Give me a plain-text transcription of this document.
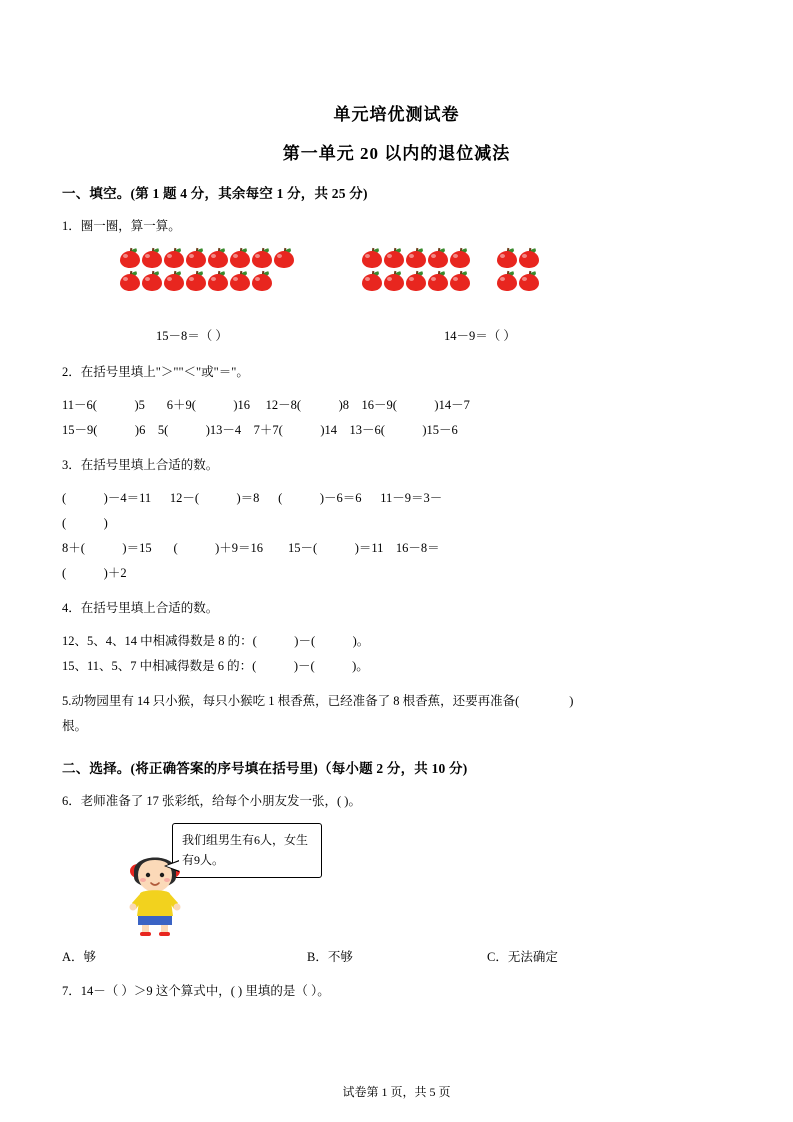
单元培优测试卷
第一单元 20 以内的退位减法
一、填空。(第 1 题 4 分，其余每空 1 分，共 25 分)
1．圈一圈，算一算。
15－8＝（ ）	14－9＝（ ）
2．在括号里填上"＞""＜"或"＝"。
11－6(            )5       6＋9(            )16     12－8(            )8    16－9(            )14－7
15－9(            )6    5(            )13－4    7＋7(            )14    13－6(            )15－6
3．在括号里填上合适的数。
(            )－4＝11      12－(            )＝8      (            )－6＝6      11－9＝3－
(            )
8＋(            )＝15       (            )＋9＝16        15－(            )＝11    16－8＝
(            )＋2
4．在括号里填上合适的数。
12、5、4、14 中相减得数是 8 的：(            )－(            )。
15、11、5、7 中相减得数是 6 的：(            )－(            )。
5.动物园里有 14 只小猴，每只小猴吃 1 根香蕉，已经准备了 8 根香蕉，还要再准备(                )
根。
二、选择。(将正确答案的序号填在括号里)（每小题 2 分，共 10 分)
6．老师准备了 17 张彩纸，给每个小朋友发一张，( )。
我们组男生有6人，女生有9人。
A．够	B．不够	C．无法确定
7．14－（ ）＞9 这个算式中，( ) 里填的是（ ）。
试卷第 1 页，共 5 页
